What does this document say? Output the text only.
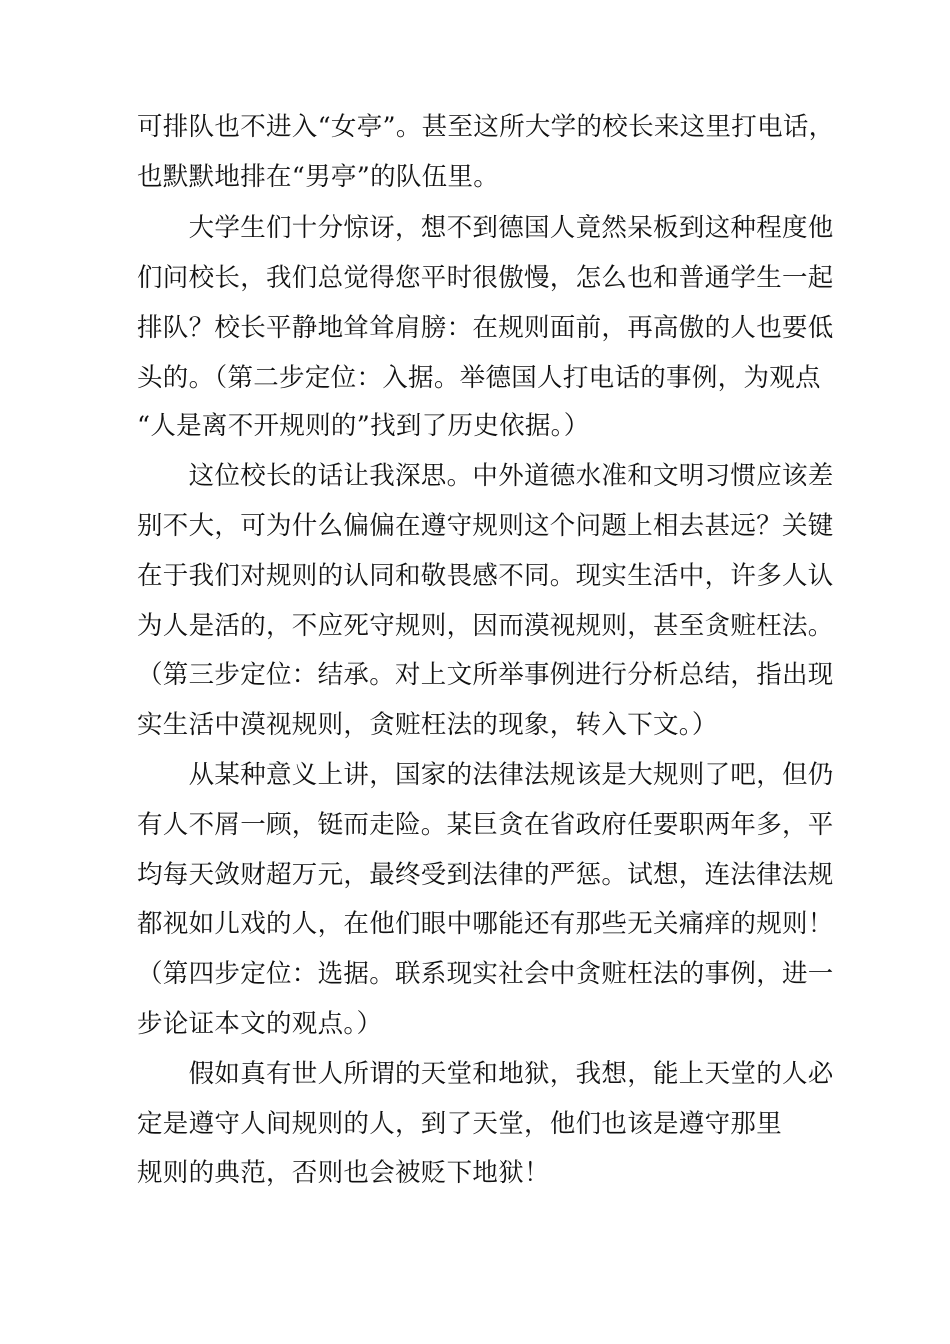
可排队也不进入“女亭”。甚至这所大学的校长来这里打电话，
也默默地排在“男亭”的队伍里。
　　大学生们十分惊讶，想不到德国人竟然呆板到这种程度他
们问校长，我们总觉得您平时很傲慢，怎么也和普通学生一起
排队？校长平静地耸耸肩膀：在规则面前，再高傲的人也要低
头的。（第二步定位：入据。举德国人打电话的事例，为观点
“人是离不开规则的”找到了历史依据。）
　　这位校长的话让我深思。中外道德水准和文明习惯应该差
别不大，可为什么偏偏在遵守规则这个问题上相去甚远？关键
在于我们对规则的认同和敬畏感不同。现实生活中，许多人认
为人是活的，不应死守规则，因而漠视规则，甚至贪赃枉法。
（第三步定位：结承。对上文所举事例进行分析总结，指出现
实生活中漠视规则，贪赃枉法的现象，转入下文。）
　　从某种意义上讲，国家的法律法规该是大规则了吧，但仍
有人不屑一顾，铤而走险。某巨贪在省政府任要职两年多，平
均每天敛财超万元，最终受到法律的严惩。试想，连法律法规
都视如儿戏的人，在他们眼中哪能还有那些无关痛痒的规则！
（第四步定位：选据。联系现实社会中贪赃枉法的事例，进一
步论证本文的观点。）
　　假如真有世人所谓的天堂和地狱，我想，能上天堂的人必
定是遵守人间规则的人，到了天堂，他们也该是遵守那里
规则的典范，否则也会被贬下地狱！
